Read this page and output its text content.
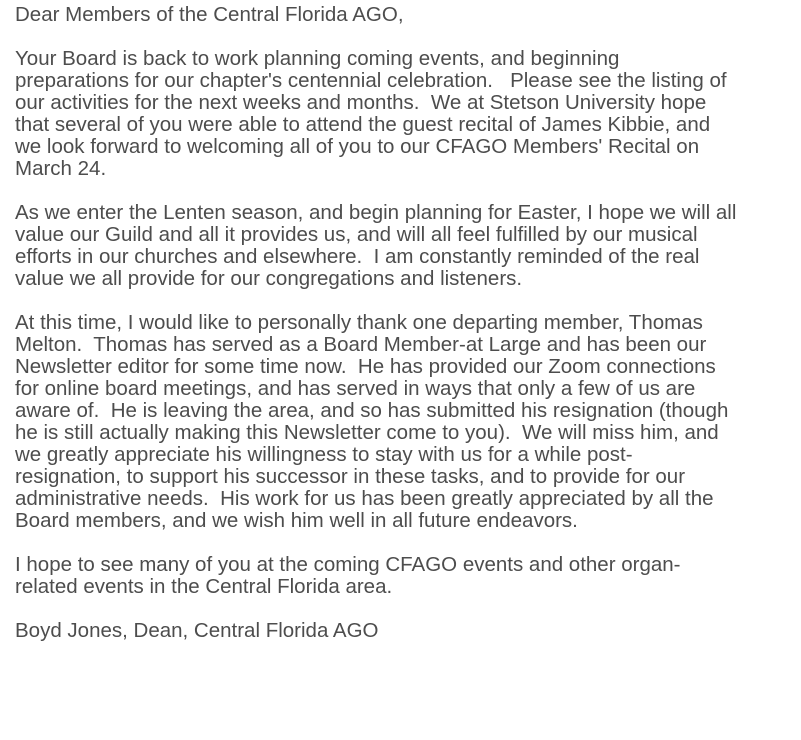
Dear Members of the Central Florida AGO,
Your Board is back to work planning coming events, and beginning
preparations for our chapter's centennial celebration.   Please see the listing of
our activities for the next weeks and months.  We at Stetson University hope
that several of you were able to attend the guest recital of James Kibbie, and
we look forward to welcoming all of you to our CFAGO Members' Recital on
March 24.
As we enter the Lenten season, and begin planning for Easter, I hope we will all
value our Guild and all it provides us, and will all feel fulfilled by our musical
efforts in our churches and elsewhere.  I am constantly reminded of the real
value we all provide for our congregations and listeners.
At this time, I would like to personally thank one departing member, Thomas
Melton.  Thomas has served as a Board Member-at Large and has been our
Newsletter editor for some time now.  He has provided our Zoom connections
for online board meetings, and has served in ways that only a few of us are
aware of.  He is leaving the area, and so has submitted his resignation (though
he is still actually making this Newsletter come to you).  We will miss him, and
we greatly appreciate his willingness to stay with us for a while post-
resignation, to support his successor in these tasks, and to provide for our
administrative needs.  His work for us has been greatly appreciated by all the
Board members, and we wish him well in all future endeavors.
I hope to see many of you at the coming CFAGO events and other organ-
related events in the Central Florida area.
Boyd Jones, Dean, Central Florida AGO
